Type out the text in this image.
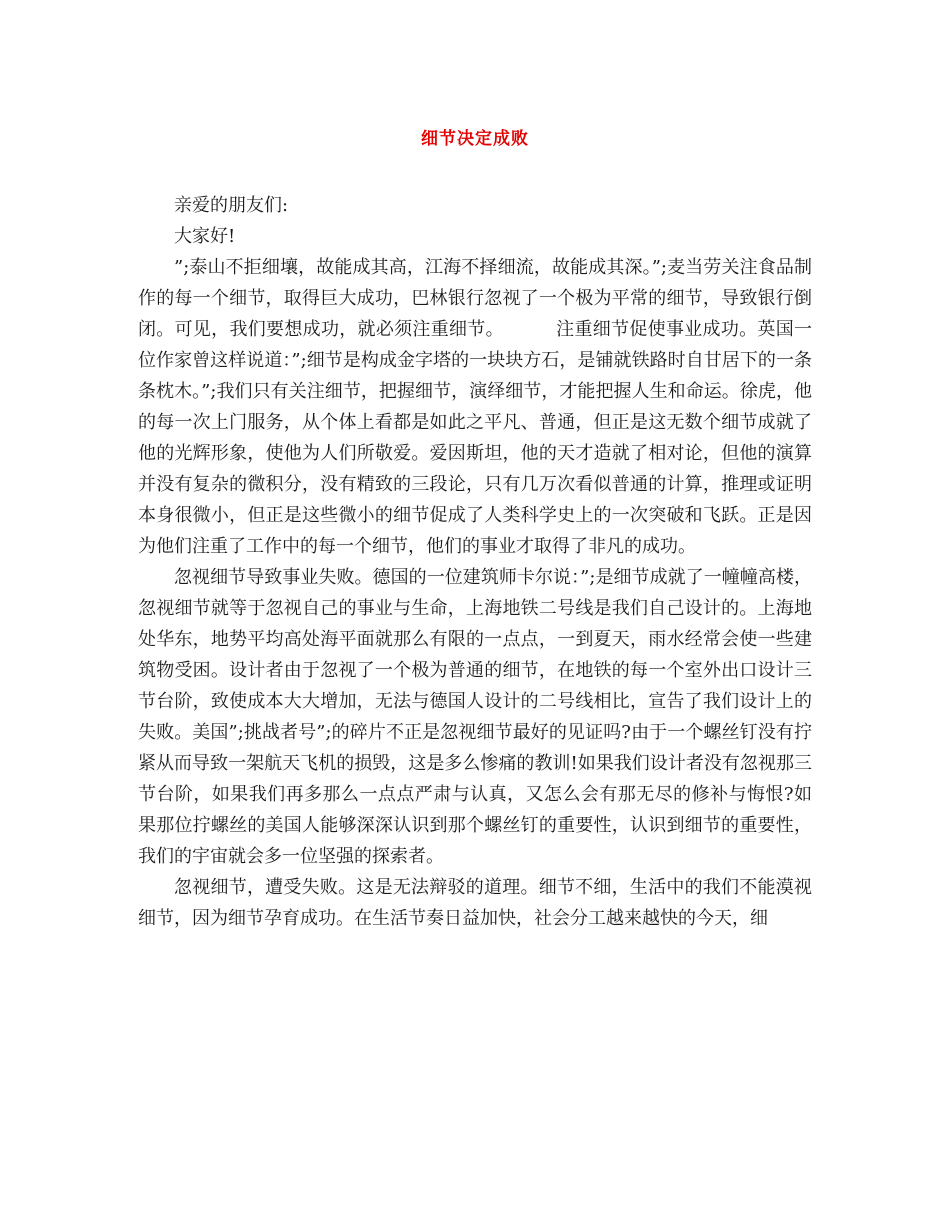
细节决定成败

亲爱的朋友们:

大家好!

”;泰山不拒细壤，故能成其高，江海不择细流，故能成其深。”;麦当劳关注食品制作的每一个细节，取得巨大成功，巴林银行忽视了一个极为平常的细节，导致银行倒闭。可见，我们要想成功，就必须注重细节。	注重细节促使事业成功。英国一位作家曾这样说道：”;细节是构成金字塔的一块块方石，是铺就铁路时自甘居下的一条条枕木。”;我们只有关注细节，把握细节，演绎细节，才能把握人生和命运。徐虎，他的每一次上门服务，从个体上看都是如此之平凡、普通，但正是这无数个细节成就了他的光辉形象，使他为人们所敬爱。爱因斯坦，他的天才造就了相对论，但他的演算并没有复杂的微积分，没有精致的三段论，只有几万次看似普通的计算，推理或证明本身很微小，但正是这些微小的细节促成了人类科学史上的一次突破和飞跃。正是因为他们注重了工作中的每一个细节，他们的事业才取得了非凡的成功。

忽视细节导致事业失败。德国的一位建筑师卡尔说：”;是细节成就了一幢幢高楼，忽视细节就等于忽视自己的事业与生命，上海地铁二号线是我们自己设计的。上海地处华东，地势平均高处海平面就那么有限的一点点，一到夏天，雨水经常会使一些建筑物受困。设计者由于忽视了一个极为普通的细节，在地铁的每一个室外出口设计三节台阶，致使成本大大增加，无法与德国人设计的二号线相比，宣告了我们设计上的失败。美国”;挑战者号”;的碎片不正是忽视细节最好的见证吗?由于一个螺丝钉没有拧紧从而导致一架航天飞机的损毁，这是多么惨痛的教训!如果我们设计者没有忽视那三节台阶，如果我们再多那么一点点严肃与认真，又怎么会有那无尽的修补与悔恨?如果那位拧螺丝的美国人能够深深认识到那个螺丝钉的重要性，认识到细节的重要性，我们的宇宙就会多一位坚强的探索者。

忽视细节，遭受失败。这是无法辩驳的道理。细节不细，生活中的我们不能漠视细节，因为细节孕育成功。在生活节奏日益加快，社会分工越来越快的今天，细
